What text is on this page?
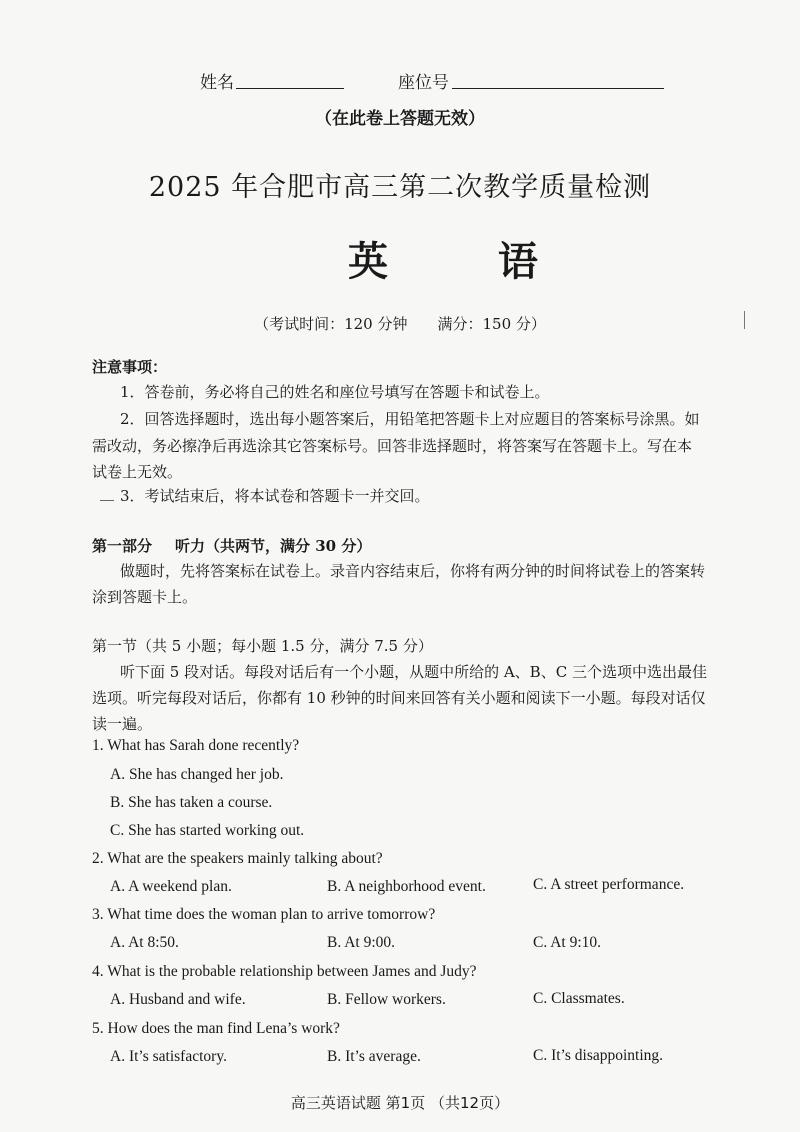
姓名	座位号
（在此卷上答题无效）
2025 年合肥市高三第二次教学质量检测
英 语
（考试时间：120 分钟　　满分：150 分）
注意事项：
1．答卷前，务必将自己的姓名和座位号填写在答题卡和试卷上。
2．回答选择题时，选出每小题答案后，用铅笔把答题卡上对应题目的答案标号涂黑。如
需改动，务必擦净后再选涂其它答案标号。回答非选择题时，将答案写在答题卡上。写在本
试卷上无效。
3．考试结束后，将本试卷和答题卡一并交回。
第一部分 听力（共两节，满分 30 分）
做题时，先将答案标在试卷上。录音内容结束后，你将有两分钟的时间将试卷上的答案转
涂到答题卡上。
第一节（共 5 小题；每小题 1.5 分，满分 7.5 分）
听下面 5 段对话。每段对话后有一个小题，从题中所给的 A、B、C 三个选项中选出最佳
选项。听完每段对话后，你都有 10 秒钟的时间来回答有关小题和阅读下一小题。每段对话仅
读一遍。
1. What has Sarah done recently?
A. She has changed her job.
B. She has taken a course.
C. She has started working out.
2. What are the speakers mainly talking about?
A. A weekend plan.	B. A neighborhood event.	C. A street performance.
3. What time does the woman plan to arrive tomorrow?
A. At 8:50.	B. At 9:00.	C. At 9:10.
4. What is the probable relationship between James and Judy?
A. Husband and wife.	B. Fellow workers.	C. Classmates.
5. How does the man find Lena’s work?
A. It’s satisfactory.	B. It’s average.	C. It’s disappointing.
高三英语试题 第1页 （共12页）
